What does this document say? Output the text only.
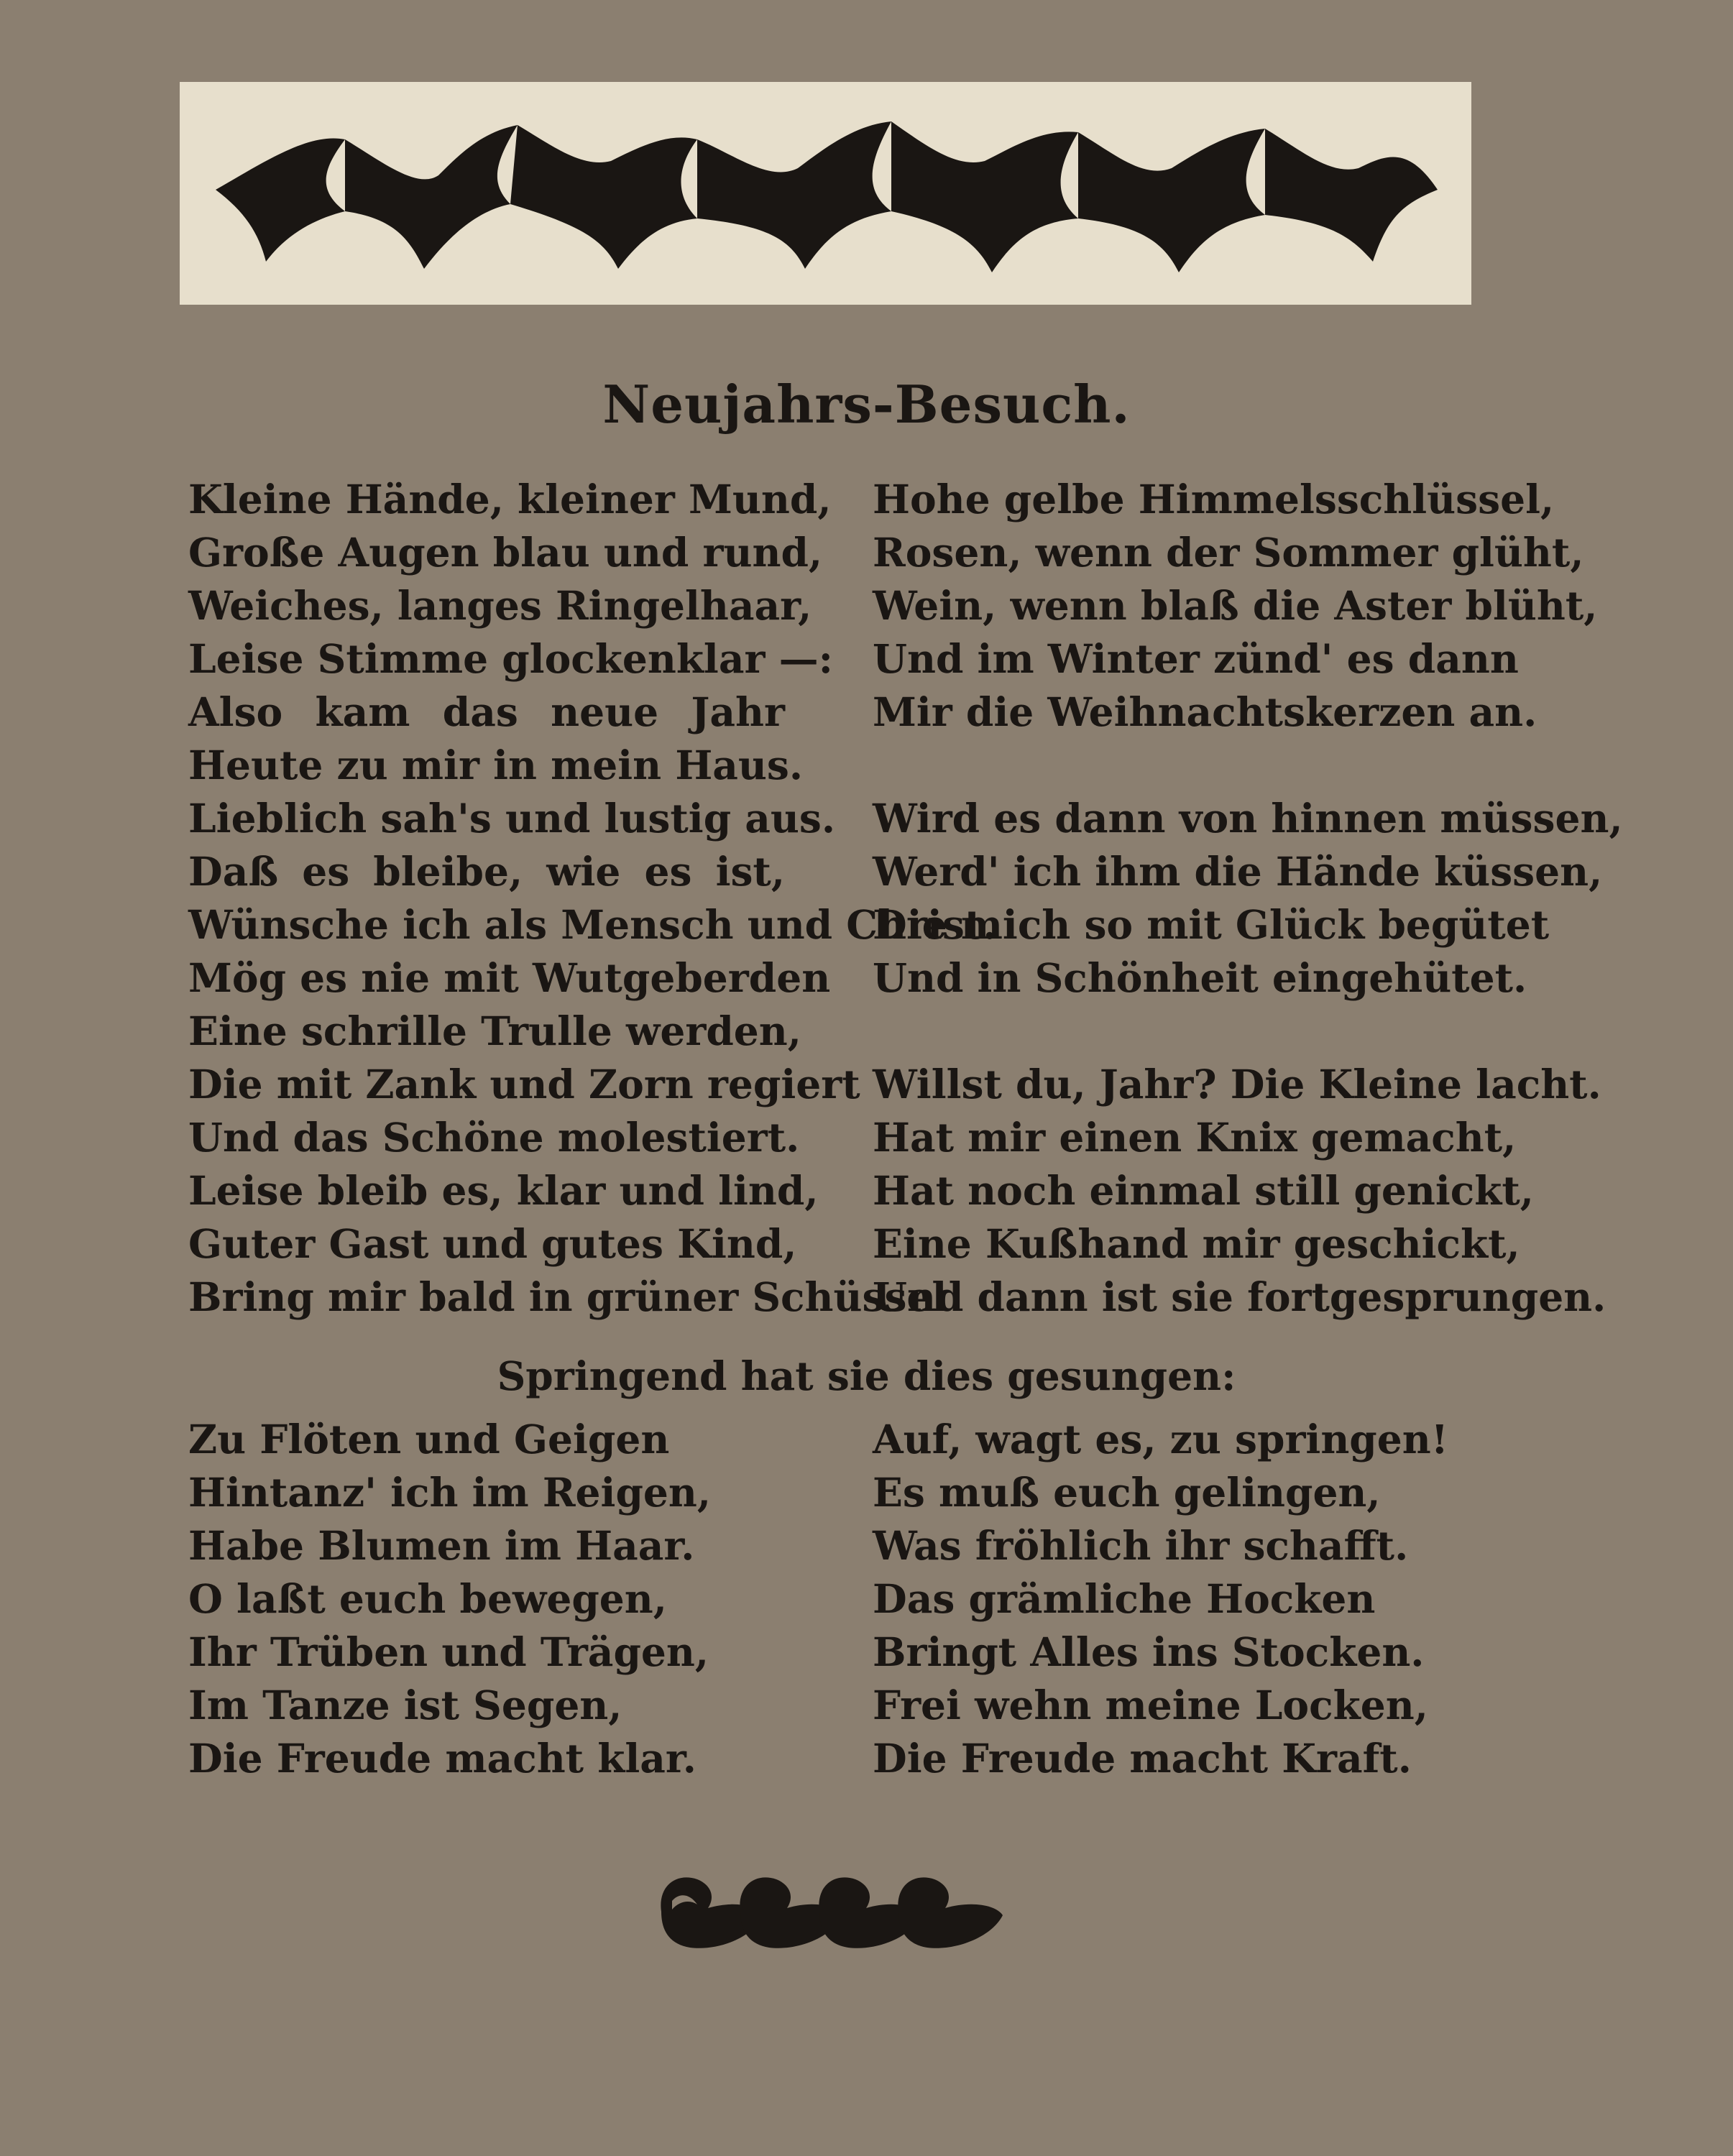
Neujahrs-Besuch.
Kleine Hände, kleiner Mund,
Große Augen blau und rund,
Weiches, langes Ringelhaar,
Leise Stimme glockenklar —:
Also kam das neue Jahr
Heute zu mir in mein Haus.
Lieblich sah's und lustig aus.
Daß es bleibe, wie es ist,
Wünsche ich als Mensch und Christ.
Mög es nie mit Wutgeberden
Eine schrille Trulle werden,
Die mit Zank und Zorn regiert
Und das Schöne molestiert.
Leise bleib es, klar und lind,
Guter Gast und gutes Kind,
Bring mir bald in grüner Schüssel
Hohe gelbe Himmelsschlüssel,
Rosen, wenn der Sommer glüht,
Wein, wenn blaß die Aster blüht,
Und im Winter zünd' es dann
Mir die Weihnachtskerzen an.
Wird es dann von hinnen müssen,
Werd' ich ihm die Hände küssen,
Die mich so mit Glück begütet
Und in Schönheit eingehütet.
Willst du, Jahr? Die Kleine lacht.
Hat mir einen Knix gemacht,
Hat noch einmal still genickt,
Eine Kußhand mir geschickt,
Und dann ist sie fortgesprungen.
Springend hat sie dies gesungen:
Zu Flöten und Geigen
Hintanz' ich im Reigen,
Habe Blumen im Haar.
O laßt euch bewegen,
Ihr Trüben und Trägen,
Im Tanze ist Segen,
Die Freude macht klar.
Auf, wagt es, zu springen!
Es muß euch gelingen,
Was fröhlich ihr schafft.
Das grämliche Hocken
Bringt Alles ins Stocken.
Frei wehn meine Locken,
Die Freude macht Kraft.
